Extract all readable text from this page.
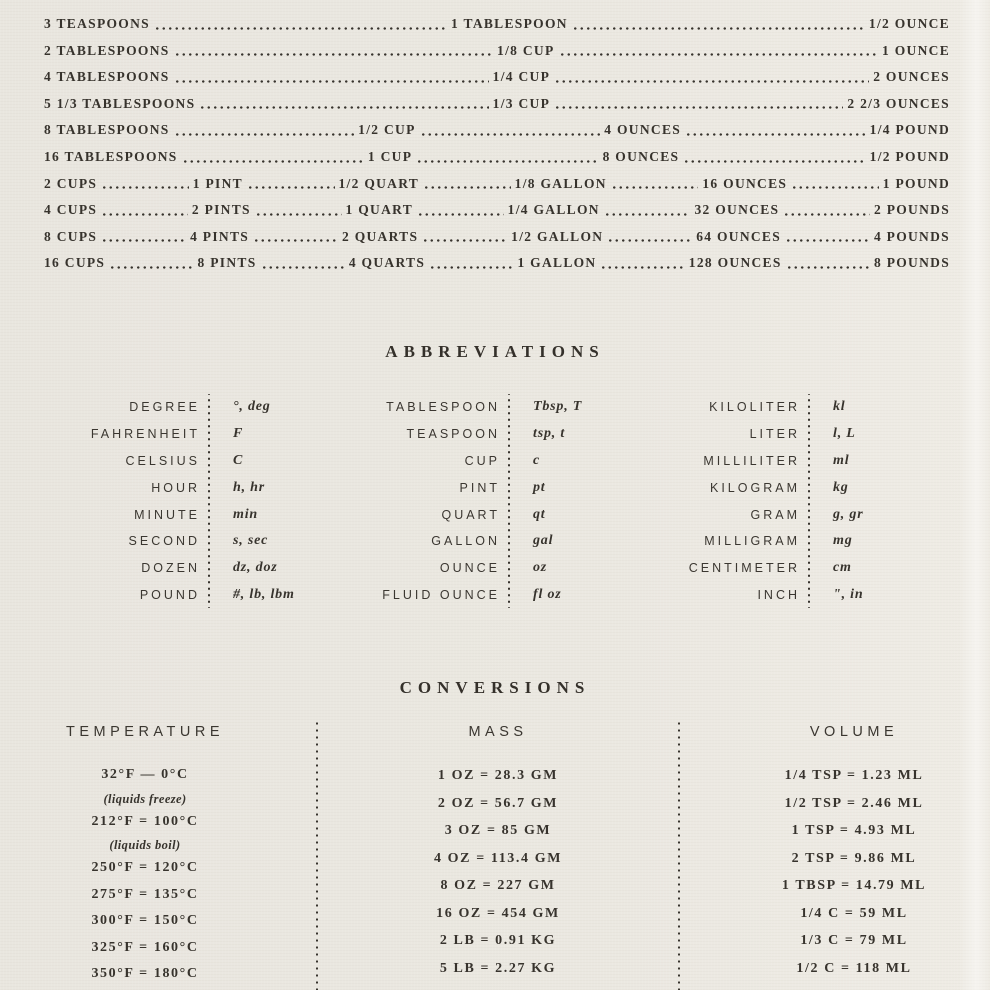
3 TEASPOONS	1 TABLESPOON	1/2 OUNCE
2 TABLESPOONS	1/8 CUP	1 OUNCE
4 TABLESPOONS	1/4 CUP	2 OUNCES
5 1/3 TABLESPOONS	1/3 CUP	2 2/3 OUNCES
8 TABLESPOONS	1/2 CUP	4 OUNCES	1/4 POUND
16 TABLESPOONS	1 CUP	8 OUNCES	1/2 POUND
2 CUPS	1 PINT	1/2 QUART	1/8 GALLON	16 OUNCES	1 POUND
4 CUPS	2 PINTS	1 QUART	1/4 GALLON	32 OUNCES	2 POUNDS
8 CUPS	4 PINTS	2 QUARTS	1/2 GALLON	64 OUNCES	4 POUNDS
16 CUPS	8 PINTS	4 QUARTS	1 GALLON	128 OUNCES	8 POUNDS
ABBREVIATIONS
DEGREE	°, deg
FAHRENHEIT	F
CELSIUS	C
HOUR	h, hr
MINUTE	min
SECOND	s, sec
DOZEN	dz, doz
POUND	#, lb, lbm
TABLESPOON	Tbsp, T
TEASPOON	tsp, t
CUP	c
PINT	pt
QUART	qt
GALLON	gal
OUNCE	oz
FLUID OUNCE	fl oz
KILOLITER	kl
LITER	l, L
MILLILITER	ml
KILOGRAM	kg
GRAM	g, gr
MILLIGRAM	mg
CENTIMETER	cm
INCH	", in
CONVERSIONS
TEMPERATURE
32°F — 0°C
(liquids freeze)
212°F = 100°C
(liquids boil)
250°F = 120°C
275°F = 135°C
300°F = 150°C
325°F = 160°C
350°F = 180°C
MASS
1 OZ = 28.3 GM
2 OZ = 56.7 GM
3 OZ = 85 GM
4 OZ = 113.4 GM
8 OZ = 227 GM
16 OZ = 454 GM
2 LB = 0.91 KG
5 LB = 2.27 KG
VOLUME
1/4 TSP = 1.23 ML
1/2 TSP = 2.46 ML
1 TSP = 4.93 ML
2 TSP = 9.86 ML
1 TBSP = 14.79 ML
1/4 C = 59 ML
1/3 C = 79 ML
1/2 C = 118 ML
